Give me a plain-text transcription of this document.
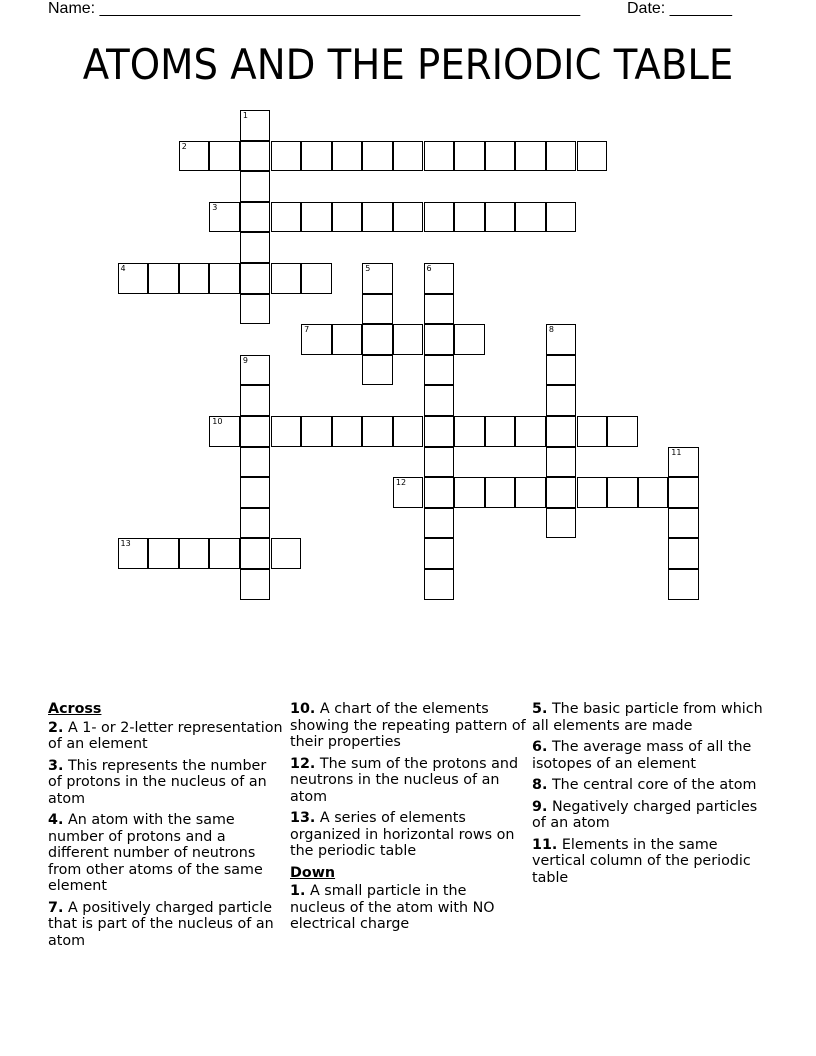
Name: ______________________________________________________	Date: _______
ATOMS AND THE PERIODIC TABLE
1
2
3
4	5	6
7	8
9
10
11
12
13
Across
2. A 1- or 2-letter representation of an element
3. This represents the number of protons in the nucleus of an atom
4. An atom with the same number of protons and a different number of neutrons from other atoms of the same element
7. A positively charged particle that is part of the nucleus of an atom
10. A chart of the elements showing the repeating pattern of their properties
12. The sum of the protons and neutrons in the nucleus of an atom
13. A series of elements organized in horizontal rows on the periodic table
Down
1. A small particle in the nucleus of the atom with NO electrical charge
5. The basic particle from which all elements are made
6. The average mass of all the isotopes of an element
8. The central core of the atom
9. Negatively charged particles of an atom
11. Elements in the same vertical column of the periodic table
